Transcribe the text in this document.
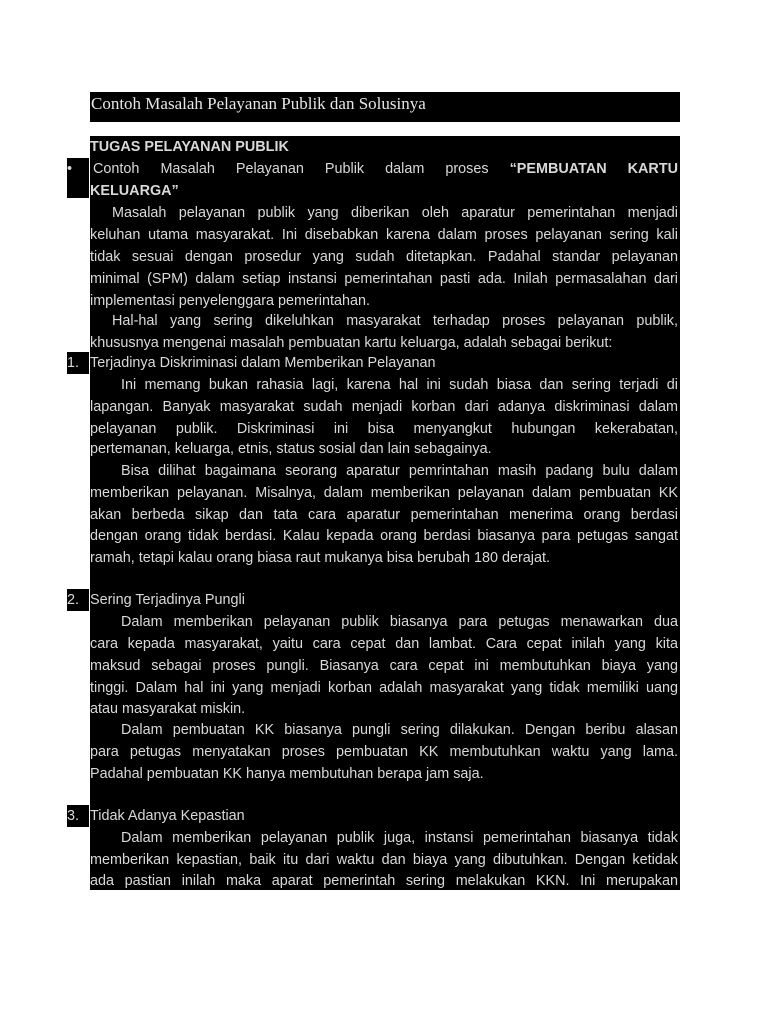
Contoh Masalah Pelayanan Publik dan Solusinya
TUGAS PELAYANAN PUBLIK
•	Contoh Masalah Pelayanan Publik dalam proses “PEMBUATAN KARTU
KELUARGA”
Masalah pelayanan publik yang diberikan oleh aparatur pemerintahan menjadi
keluhan utama masyarakat. Ini disebabkan karena dalam proses pelayanan sering kali
tidak sesuai dengan prosedur yang sudah ditetapkan. Padahal standar pelayanan
minimal (SPM) dalam setiap instansi pemerintahan pasti ada. Inilah permasalahan dari
implementasi penyelenggara pemerintahan.
Hal-hal yang sering dikeluhkan masyarakat terhadap proses pelayanan publik,
khususnya mengenai masalah pembuatan kartu keluarga, adalah sebagai berikut:
1. Terjadinya Diskriminasi dalam Memberikan Pelayanan
Ini memang bukan rahasia lagi, karena hal ini sudah biasa dan sering terjadi di
lapangan. Banyak masyarakat sudah menjadi korban dari adanya diskriminasi dalam
pelayanan publik. Diskriminasi ini bisa menyangkut hubungan kekerabatan,
pertemanan, keluarga, etnis, status sosial dan lain sebagainya.
Bisa dilihat bagaimana seorang aparatur pemrintahan masih padang bulu dalam
memberikan pelayanan. Misalnya, dalam memberikan pelayanan dalam pembuatan KK
akan berbeda sikap dan tata cara aparatur pemerintahan menerima orang berdasi
dengan orang tidak berdasi. Kalau kepada orang berdasi biasanya para petugas sangat
ramah, tetapi kalau orang biasa raut mukanya bisa berubah 180 derajat.
2. Sering Terjadinya Pungli
Dalam memberikan pelayanan publik biasanya para petugas menawarkan dua
cara kepada masyarakat, yaitu cara cepat dan lambat. Cara cepat inilah yang kita
maksud sebagai proses pungli. Biasanya cara cepat ini membutuhkan biaya yang
tinggi. Dalam hal ini yang menjadi korban adalah masyarakat yang tidak memiliki uang
atau masyarakat miskin.
Dalam pembuatan KK biasanya pungli sering dilakukan. Dengan beribu alasan
para petugas menyatakan proses pembuatan KK membutuhkan waktu yang lama.
Padahal pembuatan KK hanya membutuhan berapa jam saja.
3. Tidak Adanya Kepastian
Dalam memberikan pelayanan publik juga, instansi pemerintahan biasanya tidak
memberikan kepastian, baik itu dari waktu dan biaya yang dibutuhkan. Dengan ketidak
ada pastian inilah maka aparat pemerintah sering melakukan KKN. Ini merupakan
